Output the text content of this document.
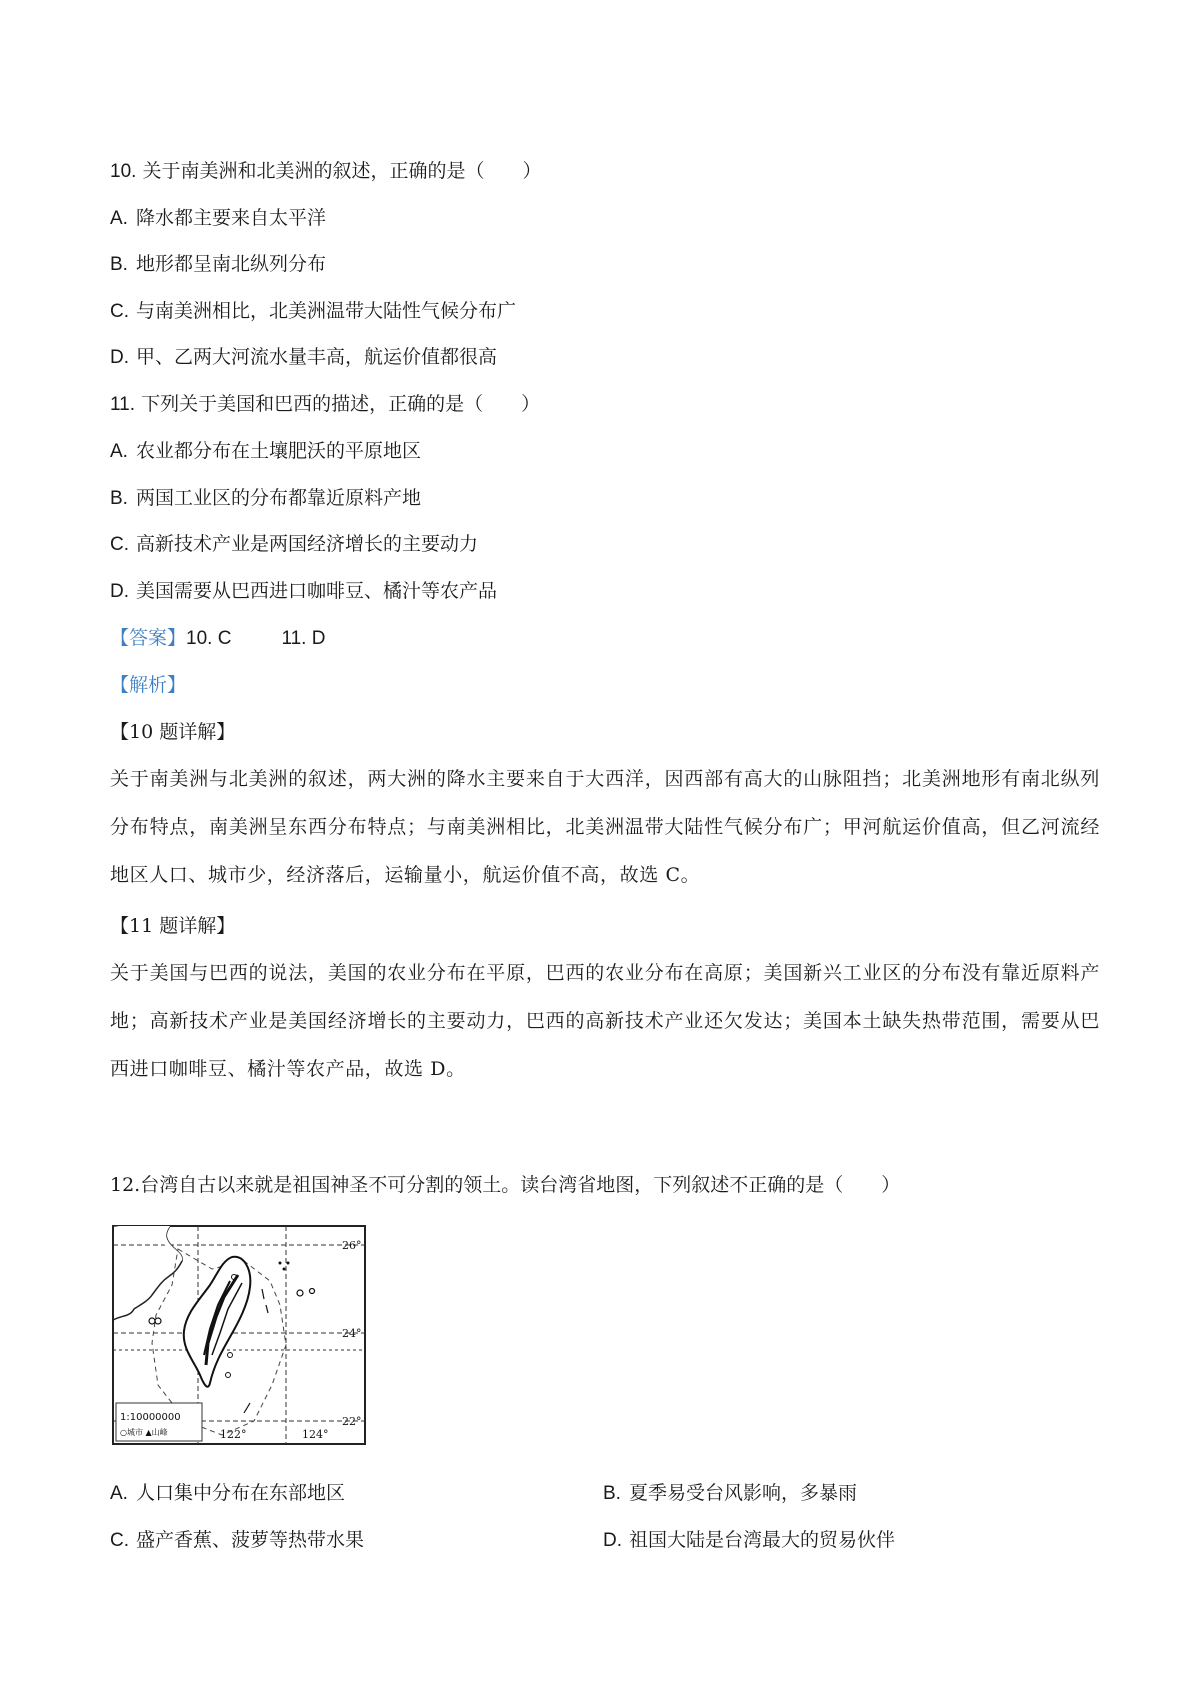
10. 关于南美洲和北美洲的叙述，正确的是（　　）
A. 降水都主要来自太平洋
B. 地形都呈南北纵列分布
C. 与南美洲相比，北美洲温带大陆性气候分布广
D. 甲、乙两大河流水量丰高，航运价值都很高
11. 下列关于美国和巴西的描述，正确的是（　　）
A. 农业都分布在土壤肥沃的平原地区
B. 两国工业区的分布都靠近原料产地
C. 高新技术产业是两国经济增长的主要动力
D. 美国需要从巴西进口咖啡豆、橘汁等农产品
【答案】10. C	11. D
【解析】
【10 题详解】
关于南美洲与北美洲的叙述，两大洲的降水主要来自于大西洋，因西部有高大的山脉阻挡；北美洲地形有南北纵列分布特点，南美洲呈东西分布特点；与南美洲相比，北美洲温带大陆性气候分布广；甲河航运价值高，但乙河流经地区人口、城市少，经济落后，运输量小，航运价值不高，故选 C。
【11 题详解】
关于美国与巴西的说法，美国的农业分布在平原，巴西的农业分布在高原；美国新兴工业区的分布没有靠近原料产地；高新技术产业是美国经济增长的主要动力，巴西的高新技术产业还欠发达；美国本土缺失热带范围，需要从巴西进口咖啡豆、橘汁等农产品，故选 D。
12.台湾自古以来就是祖国神圣不可分割的领土。读台湾省地图，下列叙述不正确的是（　　）
26°
24°
22°
122°	124°
1:10000000
○城市 ▲山峰
A. 人口集中分布在东部地区	B. 夏季易受台风影响，多暴雨
C. 盛产香蕉、菠萝等热带水果	D. 祖国大陆是台湾最大的贸易伙伴
